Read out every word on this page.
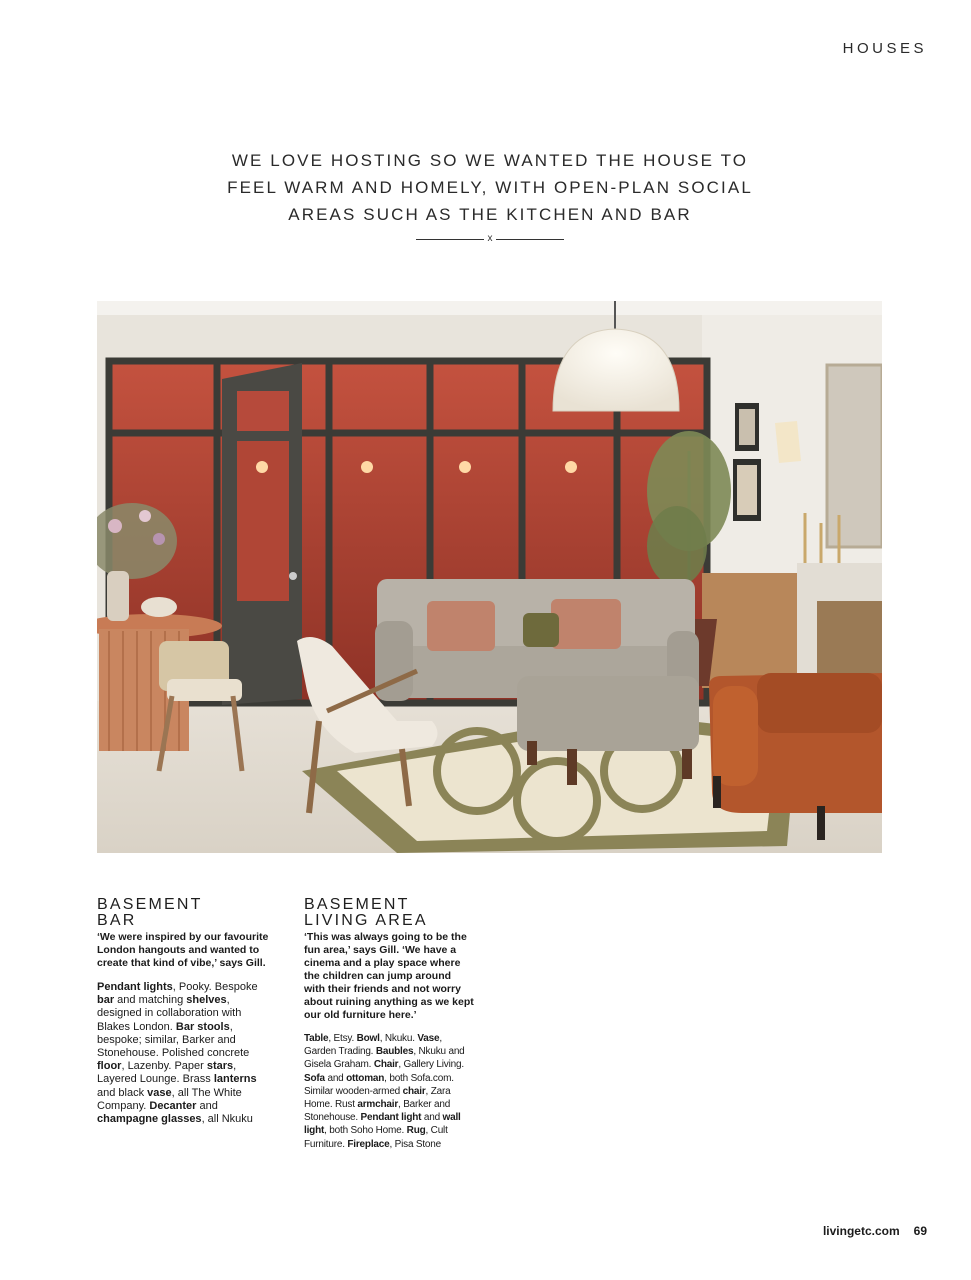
HOUSES
WE LOVE HOSTING SO WE WANTED THE HOUSE TO
FEEL WARM AND HOMELY, WITH OPEN-PLAN SOCIAL
AREAS SUCH AS THE KITCHEN AND BAR
x
BASEMENT
BAR

‘We were inspired by our favourite London hangouts and wanted to create that kind of vibe,’ says Gill.

Pendant lights, Pooky. Bespoke bar and matching shelves, designed in collaboration with Blakes London. Bar stools, bespoke; similar, Barker and Stonehouse. Polished concrete floor, Lazenby. Paper stars, Layered Lounge. Brass lanterns and black vase, all The White Company. Decanter and champagne glasses, all Nkuku

BASEMENT
LIVING AREA

‘This was always going to be the fun area,’ says Gill. ‘We have a cinema and a play space where the children can jump around with their friends and not worry about ruining anything as we kept our old furniture here.’

Table, Etsy. Bowl, Nkuku. Vase, Garden Trading. Baubles, Nkuku and Gisela Graham. Chair, Gallery Living. Sofa and ottoman, both Sofa.com. Similar wooden-armed chair, Zara Home. Rust armchair, Barker and Stonehouse. Pendant light and wall light, both Soho Home. Rug, Cult Furniture. Fireplace, Pisa Stone

livingetc.com 69
